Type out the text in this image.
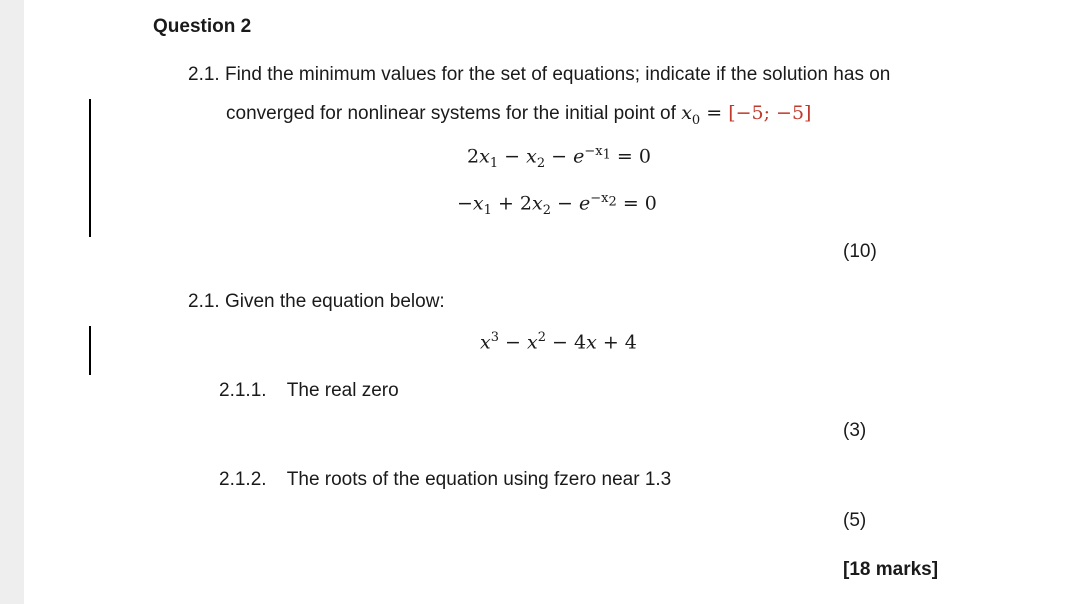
Question 2
2.1. Find the minimum values for the set of equations; indicate if the solution has on
converged for nonlinear systems for the initial point of $x_0 = [-5$; −5]
$2x_1 - x_2 - e^{-x_1} = 0$
$-x_1 + 2x_2 - e^{-x_2} = 0$
(10)
2.1. Given the equation below:
$x^3 - x^2 - 4x + 4$
2.1.1. The real zero
(3)
2.1.2. The roots of the equation using fzero near 1.3
(5)
[18 marks]
